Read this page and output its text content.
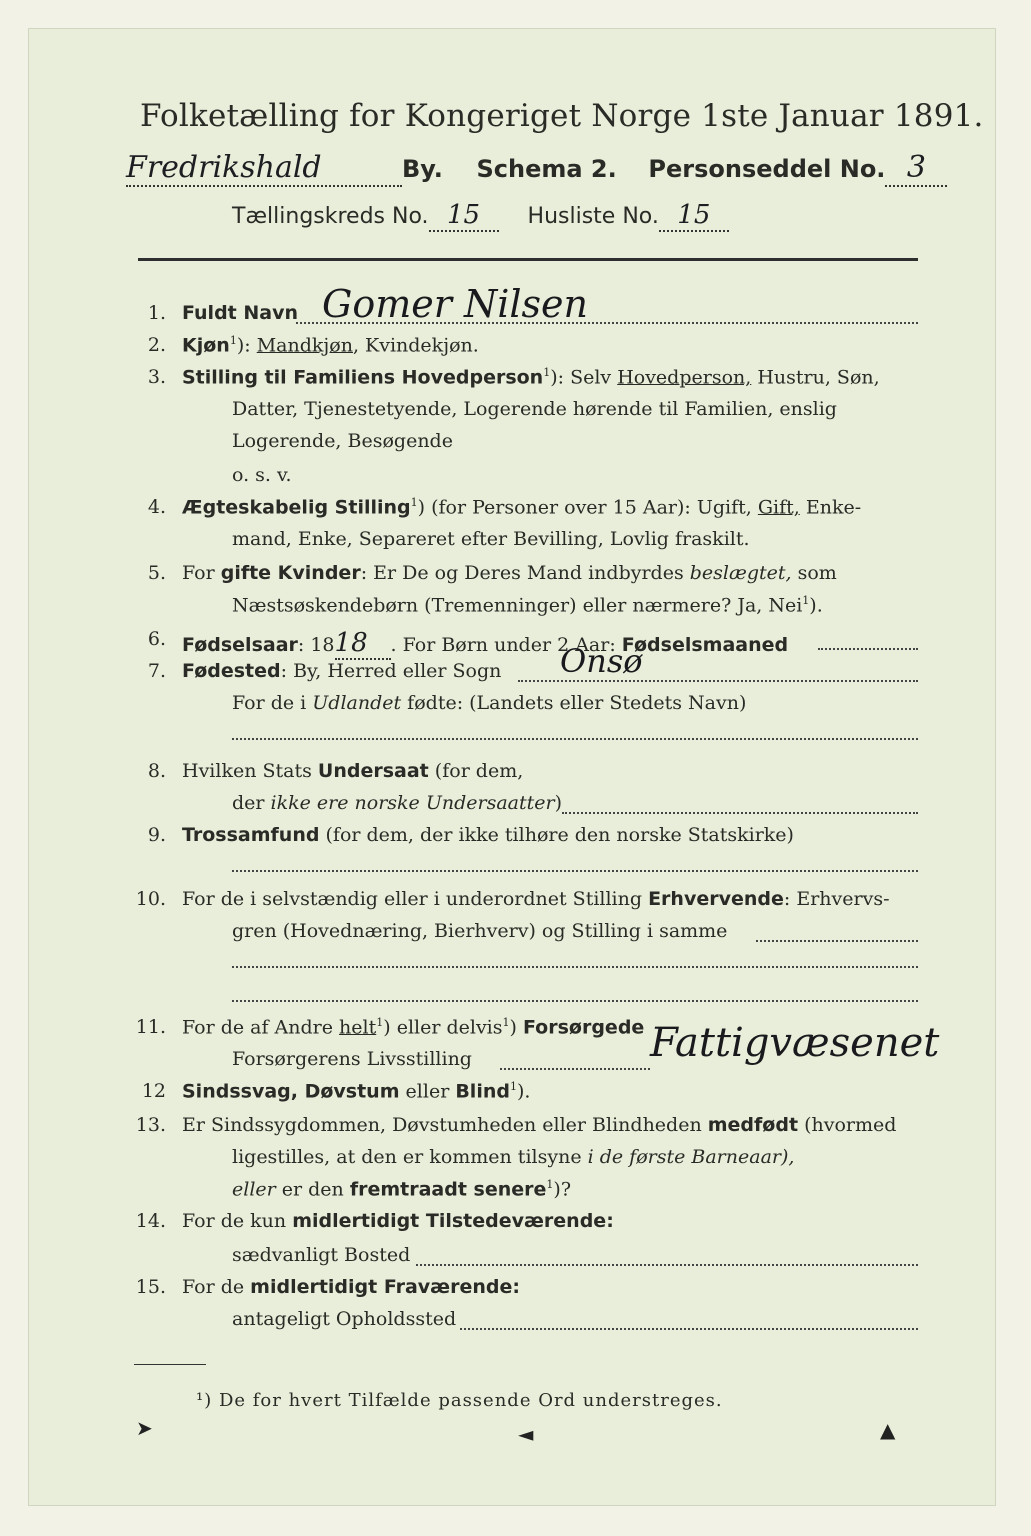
Folketælling for Kongeriget Norge 1ste Januar 1891.
Fredrikshald	By. Schema 2. Personseddel No. 3
Tællingskreds No. 15 Husliste No. 15
1. Fuldt Navn Gomer Nilsen
2. Kjøn$^1$): Mandkjøn, Kvindekjøn.
3. Stilling til Familiens Hovedperson$^1$): Selv Hovedperson, Hustru, Søn,
Datter, Tjenestetyende, Logerende hørende til Familien, enslig
Logerende, Besøgende
o. s. v.
4. Ægteskabelig Stilling$^1$) (for Personer over 15 Aar): Ugift, Gift, Enke-
mand, Enke, Separeret efter Bevilling, Lovlig fraskilt.
5. For gifte Kvinder: Er De og Deres Mand indbyrdes beslægtet, som
Næstsøskendebørn (Tremenninger) eller nærmere? Ja, Nei$^1$).
6. Fødselsaar: 1818 . For Børn under 2 Aar: Fødselsmaaned
7. Fødested: By, Herred eller Sogn Onsø
For de i Udlandet fødte: (Landets eller Stedets Navn)
8. Hvilken Stats Undersaat (for dem,
der ikke ere norske Undersaatter)
9. Trossamfund (for dem, der ikke tilhøre den norske Statskirke)
10. For de i selvstændig eller i underordnet Stilling Erhvervende: Erhvervs-
gren (Hovednæring, Bierhverv) og Stilling i samme
11. For de af Andre helt$^1$) eller delvis$^1$) Forsørgede
Forsørgerens Livsstilling	Fattigvæsenet
12 Sindssvag, Døvstum eller Blind$^1$).
13. Er Sindssygdommen, Døvstumheden eller Blindheden medfødt (hvormed
ligestilles, at den er kommen tilsyne i de første Barneaar),
eller er den fremtraadt senere$^1$)?
14. For de kun midlertidigt Tilstedeværende:
sædvanligt Bosted
15. For de midlertidigt Fraværende:
antageligt Opholdssted
¹) De for hvert Tilfælde passende Ord understreges.
➤	◄	▲
